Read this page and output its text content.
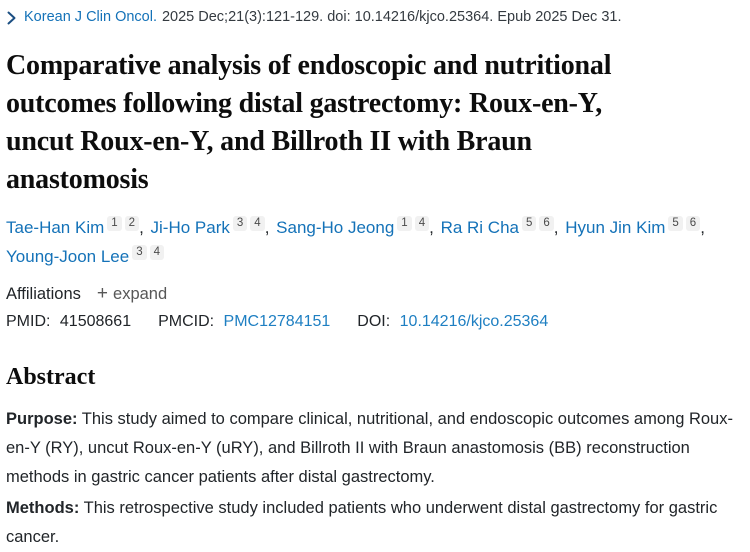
Korean J Clin Oncol. 2025 Dec;21(3):121-129. doi: 10.14216/kjco.25364. Epub 2025 Dec 31.
Comparative analysis of endoscopic and nutritional
outcomes following distal gastrectomy: Roux-en-Y,
uncut Roux-en-Y, and Billroth II with Braun
anastomosis
Tae-Han Kim 1 2 , Ji-Ho Park 3 4 , Sang-Ho Jeong 1 4 , Ra Ri Cha 5 6 , Hyun Jin Kim 5 6 ,
Young-Joon Lee 3 4
Affiliations + expand
PMID: 41508661 PMCID: PMC12784151 DOI: 10.14216/kjco.25364
Abstract

Purpose: This study aimed to compare clinical, nutritional, and endoscopic outcomes among Roux-en-Y (RY), uncut Roux-en-Y (uRY), and Billroth II with Braun anastomosis (BB) reconstruction methods in gastric cancer patients after distal gastrectomy.

Methods: This retrospective study included patients who underwent distal gastrectomy for gastric cancer.
